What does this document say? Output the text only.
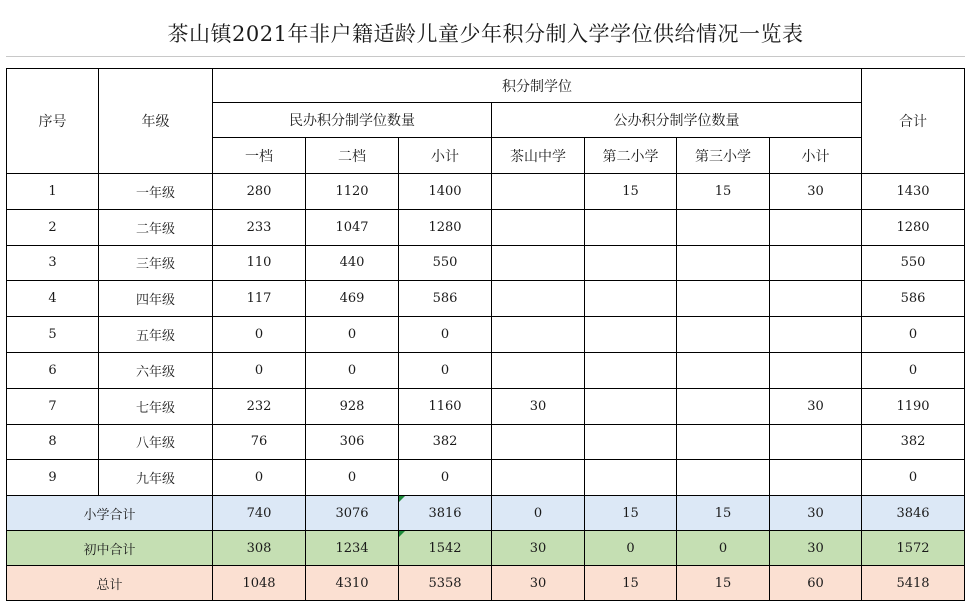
茶山镇2021年非户籍适龄儿童少年积分制入学学位供给情况一览表
序号	年级	积分制学位							合计
		民办积分制学位数量			公办积分制学位数量				
		一档	二档	小计	茶山中学	第二小学	第三小学	小计	
1	一年级	280	1120	1400		15	15	30	1430
2	二年级	233	1047	1280					1280
3	三年级	110	440	550					550
4	四年级	117	469	586					586
5	五年级	0	0	0					0
6	六年级	0	0	0					0
7	七年级	232	928	1160	30			30	1190
8	八年级	76	306	382					382
9	九年级	0	0	0					0
小学合计		740	3076	3816	0	15	15	30	3846
初中合计		308	1234	1542	30	0	0	30	1572
总计		1048	4310	5358	30	15	15	60	5418
